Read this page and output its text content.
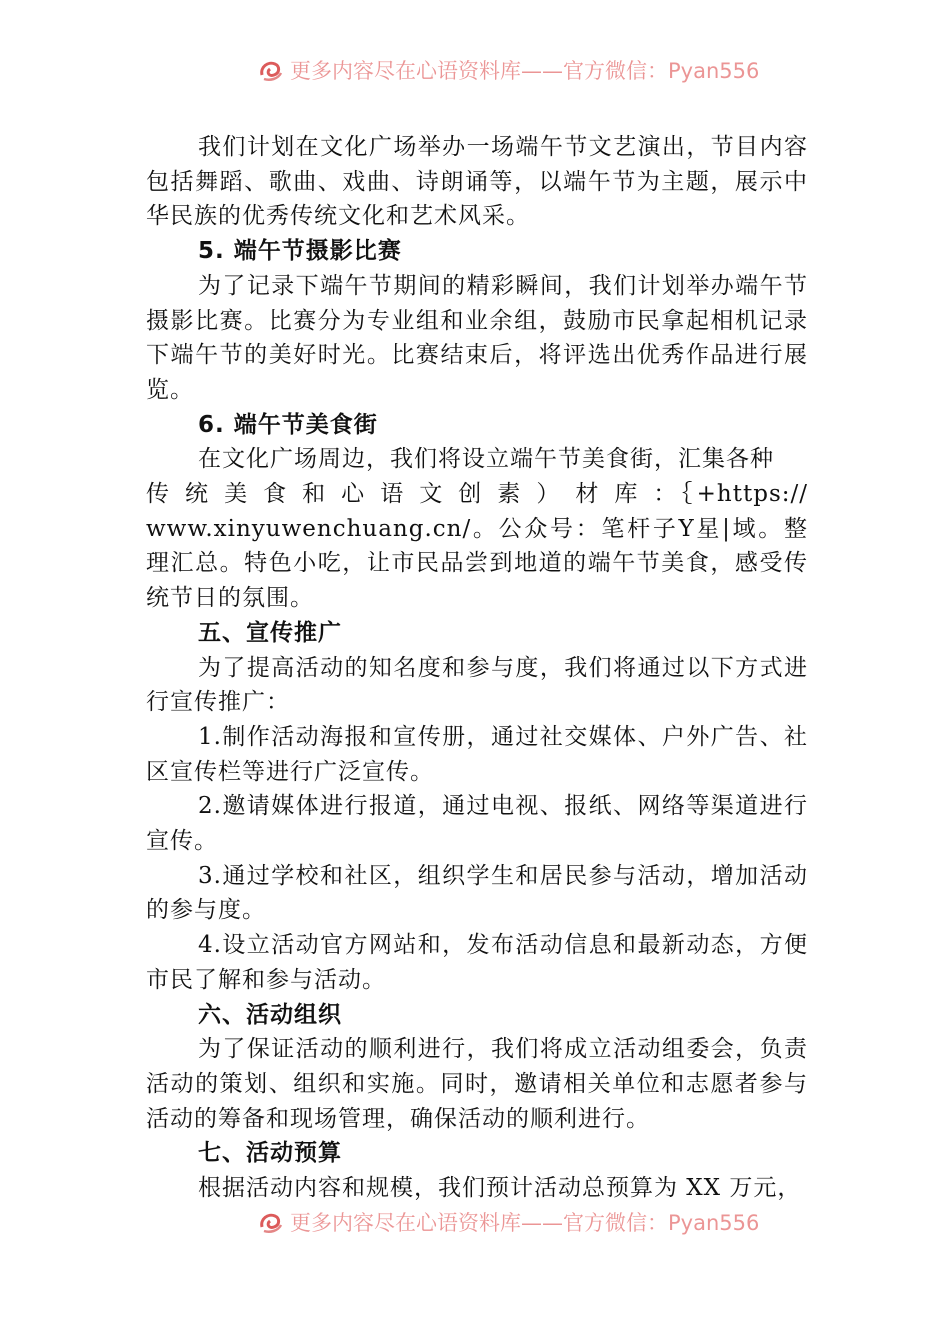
更多内容尽在心语资料库——官方微信：Pyan556

我们计划在文化广场举办一场端午节文艺演出，节目内容包括舞蹈、歌曲、戏曲、诗朗诵等，以端午节为主题，展示中华民族的优秀传统文化和艺术风采。

5. 端午节摄影比赛

为了记录下端午节期间的精彩瞬间，我们计划举办端午节摄影比赛。比赛分为专业组和业余组，鼓励市民拿起相机记录下端午节的美好时光。比赛结束后，将评选出优秀作品进行展览。

6. 端午节美食街

在文化广场周边，我们将设立端午节美食街，汇集各种

传 统 美 食 和 心 语 文 创 素 ） 材 库 ：｛+https://

www.xinyuwenchuang.cn/。公众号：笔杆子Y星|域。整理汇总。特色小吃，让市民品尝到地道的端午节美食，感受传统节日的氛围。

五、宣传推广

为了提高活动的知名度和参与度，我们将通过以下方式进行宣传推广：

1.制作活动海报和宣传册，通过社交媒体、户外广告、社区宣传栏等进行广泛宣传。

2.邀请媒体进行报道，通过电视、报纸、网络等渠道进行宣传。

3.通过学校和社区，组织学生和居民参与活动，增加活动的参与度。

4.设立活动官方网站和，发布活动信息和最新动态，方便市民了解和参与活动。

六、活动组织

为了保证活动的顺利进行，我们将成立活动组委会，负责活动的策划、组织和实施。同时，邀请相关单位和志愿者参与活动的筹备和现场管理，确保活动的顺利进行。

七、活动预算

根据活动内容和规模，我们预计活动总预算为 XX 万元，

更多内容尽在心语资料库——官方微信：Pyan556
